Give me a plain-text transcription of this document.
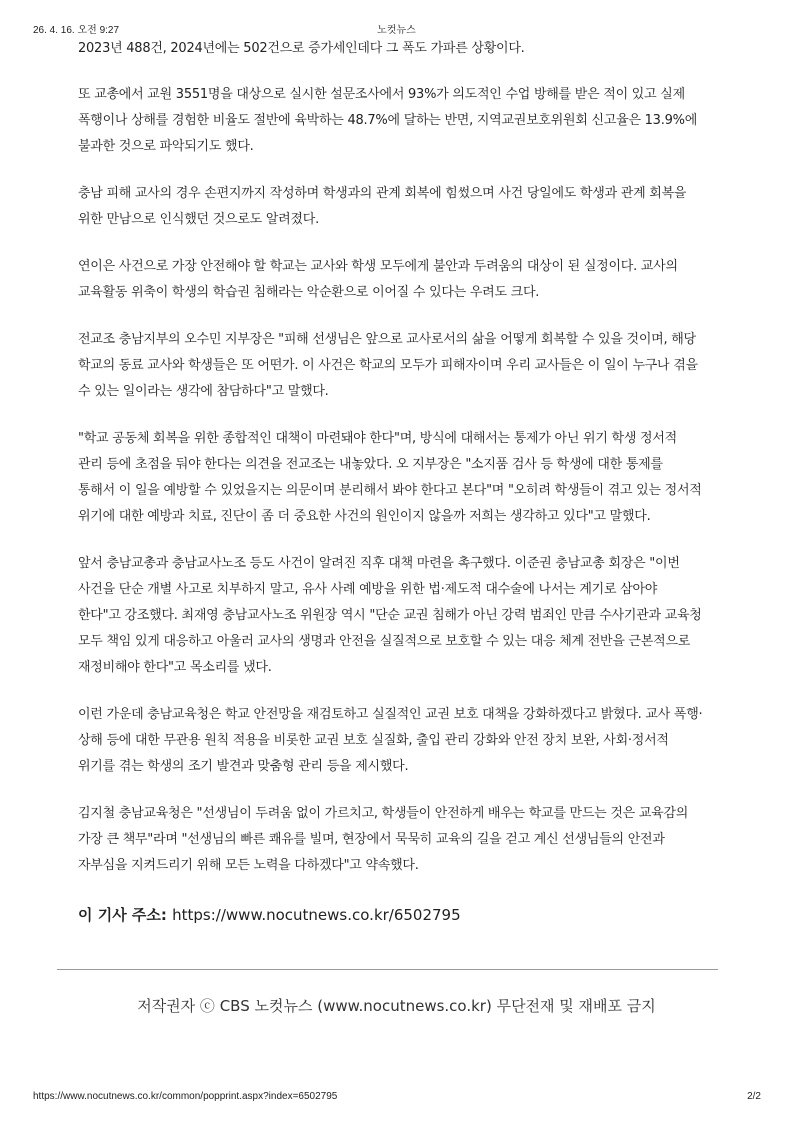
26. 4. 16. 오전 9:27	노컷뉴스

2023년 488건, 2024년에는 502건으로 증가세인데다 그 폭도 가파른 상황이다.

또 교총에서 교원 3551명을 대상으로 실시한 설문조사에서 93%가 의도적인 수업 방해를 받은 적이 있고 실제 폭행이나 상해를 경험한 비율도 절반에 육박하는 48.7%에 달하는 반면, 지역교권보호위원회 신고율은 13.9%에 불과한 것으로 파악되기도 했다.

충남 피해 교사의 경우 손편지까지 작성하며 학생과의 관계 회복에 힘썼으며 사건 당일에도 학생과 관계 회복을 위한 만남으로 인식했던 것으로도 알려졌다.

연이은 사건으로 가장 안전해야 할 학교는 교사와 학생 모두에게 불안과 두려움의 대상이 된 실정이다. 교사의 교육활동 위축이 학생의 학습권 침해라는 악순환으로 이어질 수 있다는 우려도 크다.

전교조 충남지부의 오수민 지부장은 "피해 선생님은 앞으로 교사로서의 삶을 어떻게 회복할 수 있을 것이며, 해당 학교의 동료 교사와 학생들은 또 어떤가. 이 사건은 학교의 모두가 피해자이며 우리 교사들은 이 일이 누구나 겪을 수 있는 일이라는 생각에 참담하다"고 말했다.

"학교 공동체 회복을 위한 종합적인 대책이 마련돼야 한다"며, 방식에 대해서는 통제가 아닌 위기 학생 정서적 관리 등에 초점을 둬야 한다는 의견을 전교조는 내놓았다. 오 지부장은 "소지품 검사 등 학생에 대한 통제를 통해서 이 일을 예방할 수 있었을지는 의문이며 분리해서 봐야 한다고 본다"며 "오히려 학생들이 겪고 있는 정서적 위기에 대한 예방과 치료, 진단이 좀 더 중요한 사건의 원인이지 않을까 저희는 생각하고 있다"고 말했다.

앞서 충남교총과 충남교사노조 등도 사건이 알려진 직후 대책 마련을 촉구했다. 이준권 충남교총 회장은 "이번 사건을 단순 개별 사고로 치부하지 말고, 유사 사례 예방을 위한 법·제도적 대수술에 나서는 계기로 삼아야 한다"고 강조했다. 최재영 충남교사노조 위원장 역시 "단순 교권 침해가 아닌 강력 범죄인 만큼 수사기관과 교육청 모두 책임 있게 대응하고 아울러 교사의 생명과 안전을 실질적으로 보호할 수 있는 대응 체계 전반을 근본적으로 재정비해야 한다"고 목소리를 냈다.

이런 가운데 충남교육청은 학교 안전망을 재검토하고 실질적인 교권 보호 대책을 강화하겠다고 밝혔다. 교사 폭행·상해 등에 대한 무관용 원칙 적용을 비롯한 교권 보호 실질화, 출입 관리 강화와 안전 장치 보완, 사회·정서적 위기를 겪는 학생의 조기 발견과 맞춤형 관리 등을 제시했다.

김지철 충남교육청은 "선생님이 두려움 없이 가르치고, 학생들이 안전하게 배우는 학교를 만드는 것은 교육감의 가장 큰 책무"라며 "선생님의 빠른 쾌유를 빌며, 현장에서 묵묵히 교육의 길을 걷고 계신 선생님들의 안전과 자부심을 지켜드리기 위해 모든 노력을 다하겠다"고 약속했다.

이 기사 주소: https://www.nocutnews.co.kr/6502795
저작권자 ⓒ CBS 노컷뉴스 (www.nocutnews.co.kr) 무단전재 및 재배포 금지
https://www.nocutnews.co.kr/common/popprint.aspx?index=6502795	2/2
